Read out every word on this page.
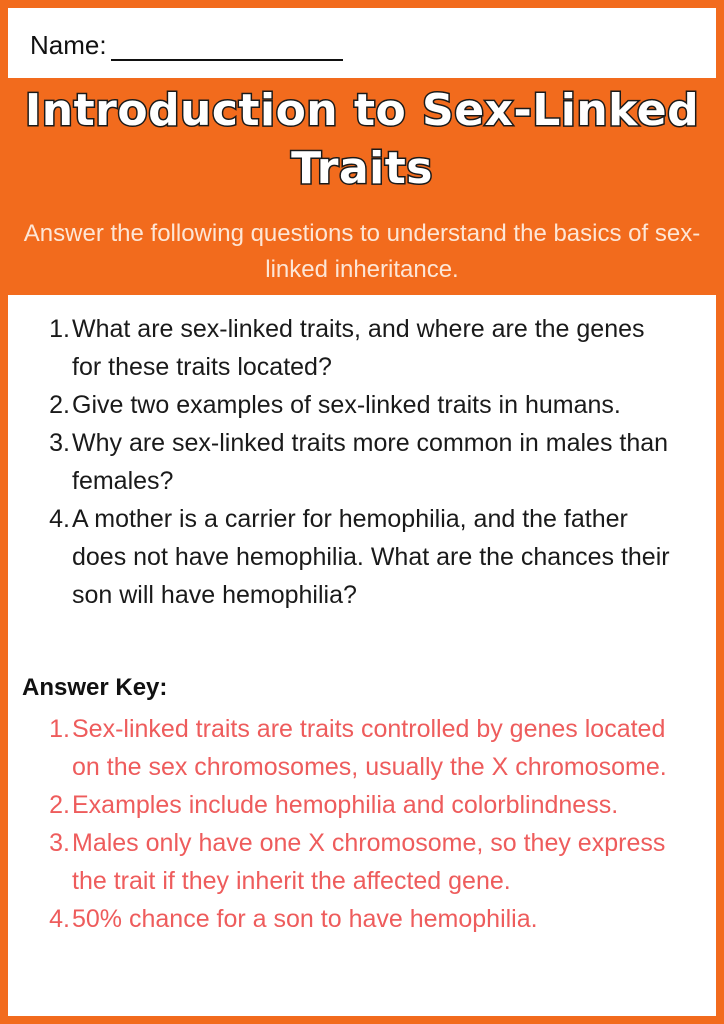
Name:
Introduction to Sex-Linked Traits
Answer the following questions to understand the basics of sex-linked inheritance.
1. What are sex-linked traits, and where are the genes for these traits located?
2. Give two examples of sex-linked traits in humans.
3. Why are sex-linked traits more common in males than females?
4. A mother is a carrier for hemophilia, and the father does not have hemophilia. What are the chances their son will have hemophilia?
Answer Key:
1. Sex-linked traits are traits controlled by genes located on the sex chromosomes, usually the X chromosome.
2. Examples include hemophilia and colorblindness.
3. Males only have one X chromosome, so they express the trait if they inherit the affected gene.
4. 50% chance for a son to have hemophilia.
